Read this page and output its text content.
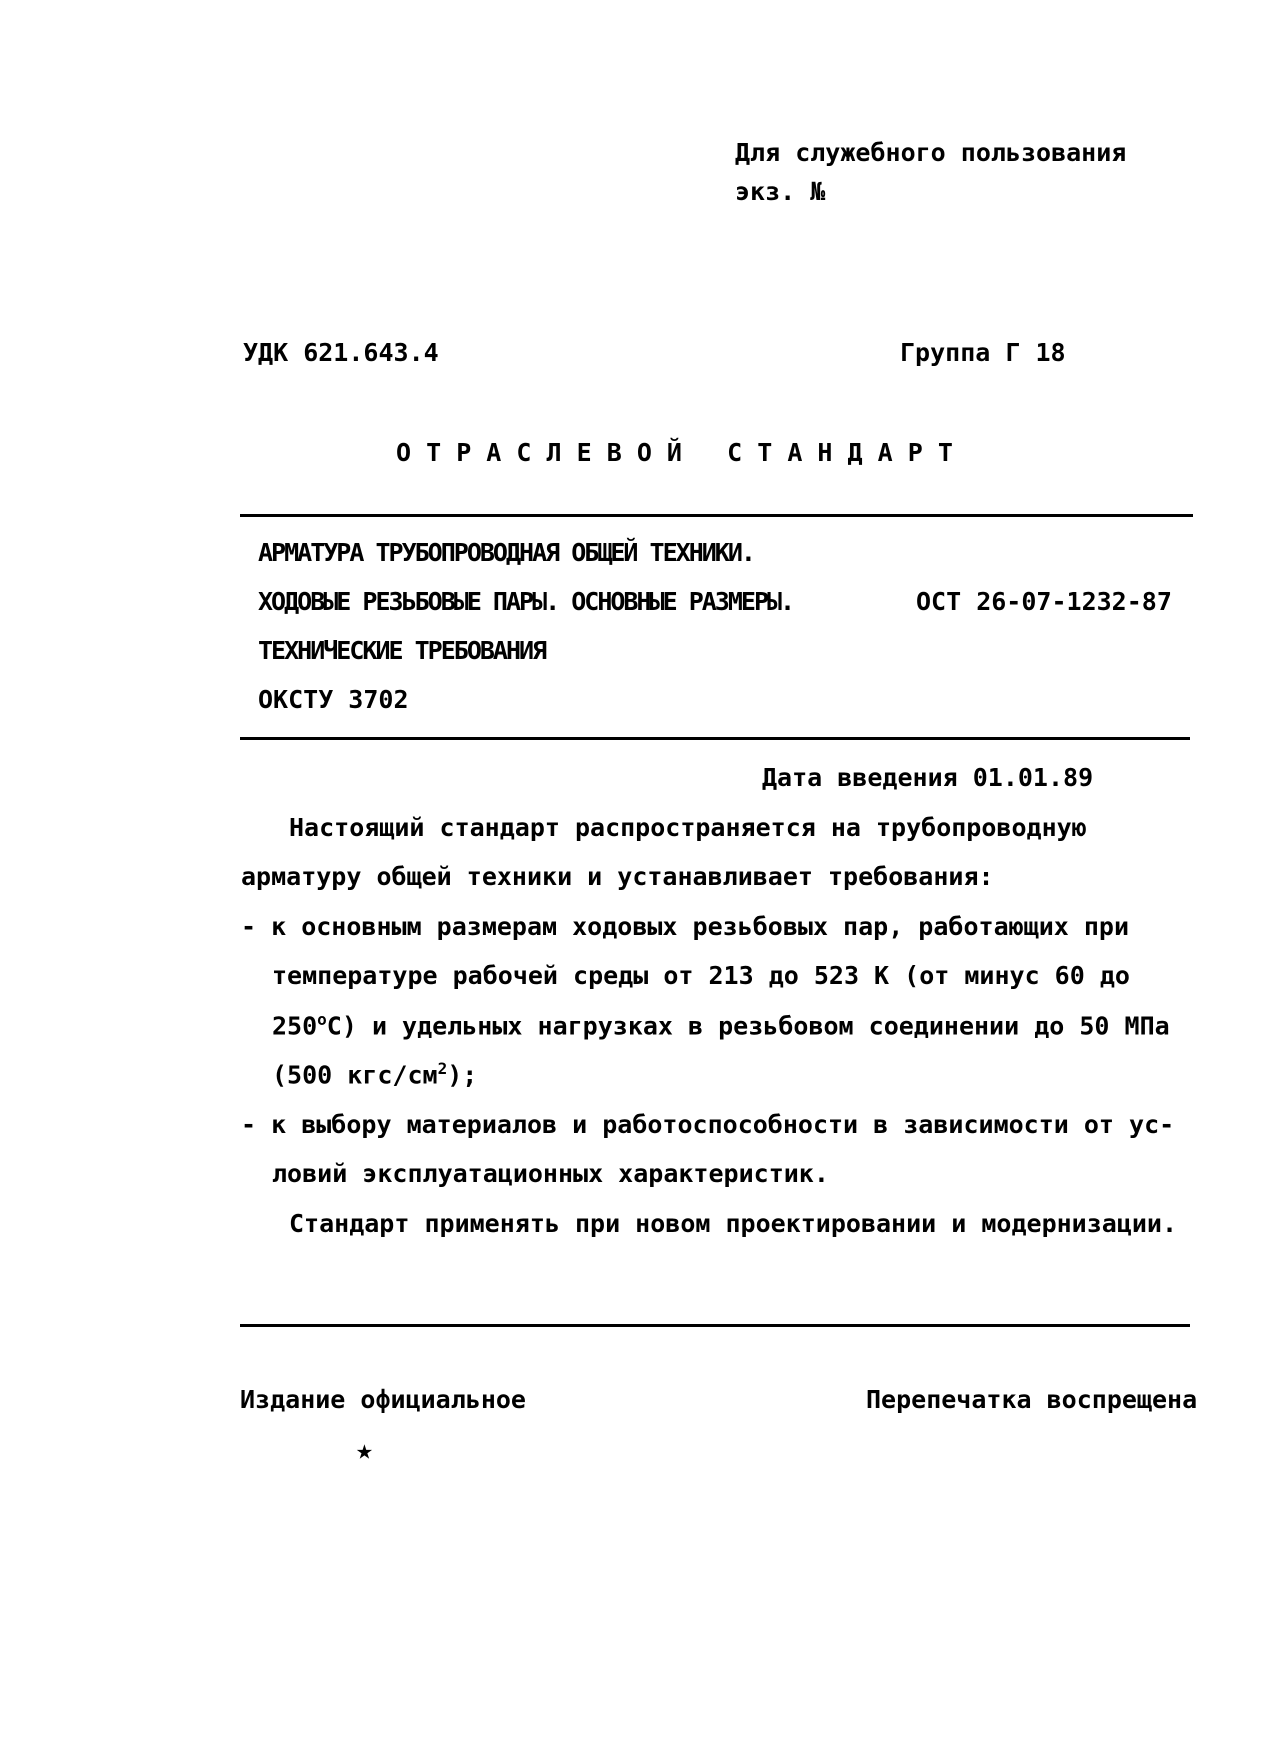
Для служебного пользования
экз. №
УДК 621.643.4	Группа Г 18
О Т Р А С Л Е В О Й   С Т А Н Д А Р Т
АРМАТУРА ТРУБОПРОВОДНАЯ ОБЩЕЙ ТЕХНИКИ.
ХОДОВЫЕ РЕЗЬБОВЫЕ ПАРЫ. ОСНОВНЫЕ РАЗМЕРЫ.	ОСТ 26-07-1232-87
ТЕХНИЧЕСКИЕ ТРЕБОВАНИЯ
ОКСТУ 3702
Дата введения 01.01.89
Настоящий стандарт распространяется на трубопроводную
арматуру общей техники и устанавливает требования:
- к основным размерам ходовых резьбовых пар, работающих при
температуре рабочей среды от 213 до 523 К (от минус 60 до
$250^оС$) и удельных нагрузках в резьбовом соединении до 50 МПа
(500 кгс/$см^2$);
- к выбору материалов и работоспособности в зависимости от ус-
ловий эксплуатационных характеристик.
Стандарт применять при новом проектировании и модернизации.
Издание официальное	Перепечатка воспрещена
★
